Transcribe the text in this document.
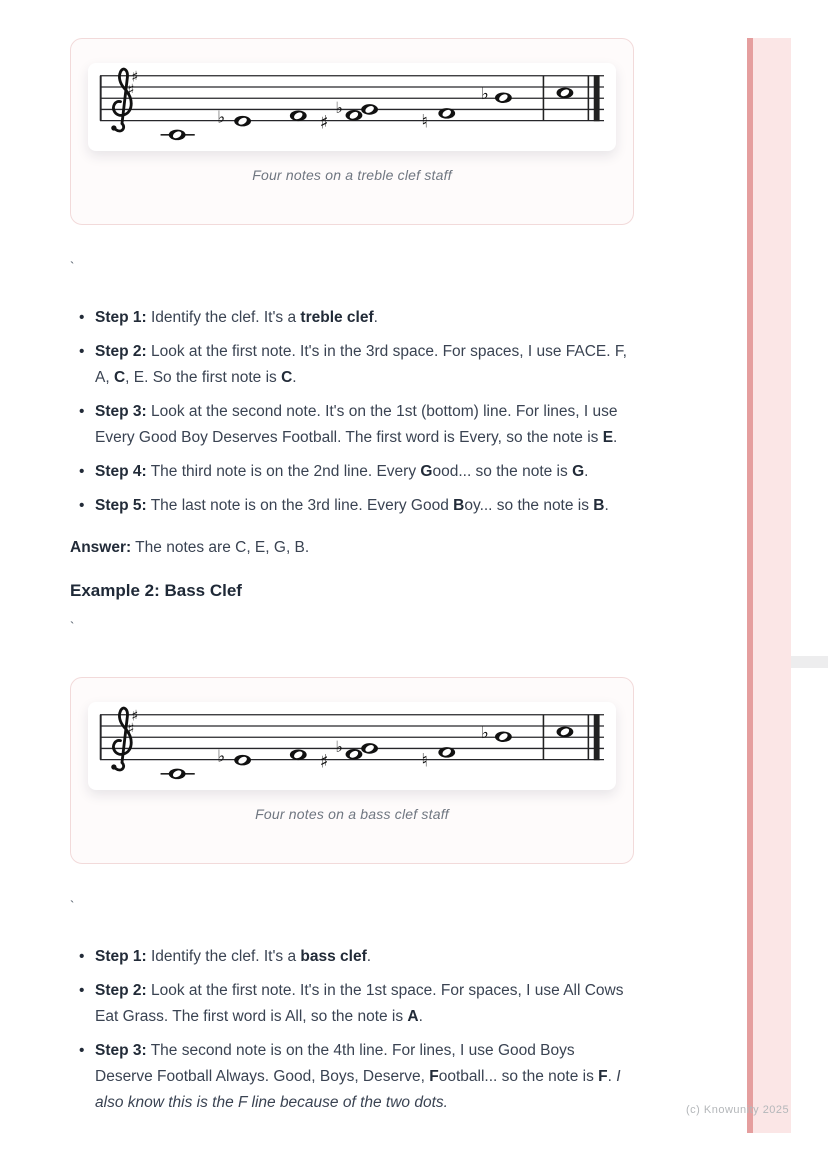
♯
♯
♭	♯
♭
♮
♭
Four notes on a treble clef staff
`
• Step 1: Identify the clef. It's a treble clef.
• Step 2: Look at the first note. It's in the 3rd space. For spaces, I use FACE. F, A, C, E. So the first note is C.
• Step 3: Look at the second note. It's on the 1st (bottom) line. For lines, I use Every Good Boy Deserves Football. The first word is Every, so the note is E.
• Step 4: The third note is on the 2nd line. Every Good... so the note is G.
• Step 5: The last note is on the 3rd line. Every Good Boy... so the note is B.

Answer: The notes are C, E, G, B.

Example 2: Bass Clef
`
♯
♯
♭	♯
♭
♮
♭
Four notes on a bass clef staff
`
• Step 1: Identify the clef. It's a bass clef.
• Step 2: Look at the first note. It's in the 1st space. For spaces, I use All Cows Eat Grass. The first word is All, so the note is A.
• Step 3: The second note is on the 4th line. For lines, I use Good Boys Deserve Football Always. Good, Boys, Deserve, Football... so the note is F. I also know this is the F line because of the two dots.	(c) Knowunity 2025
